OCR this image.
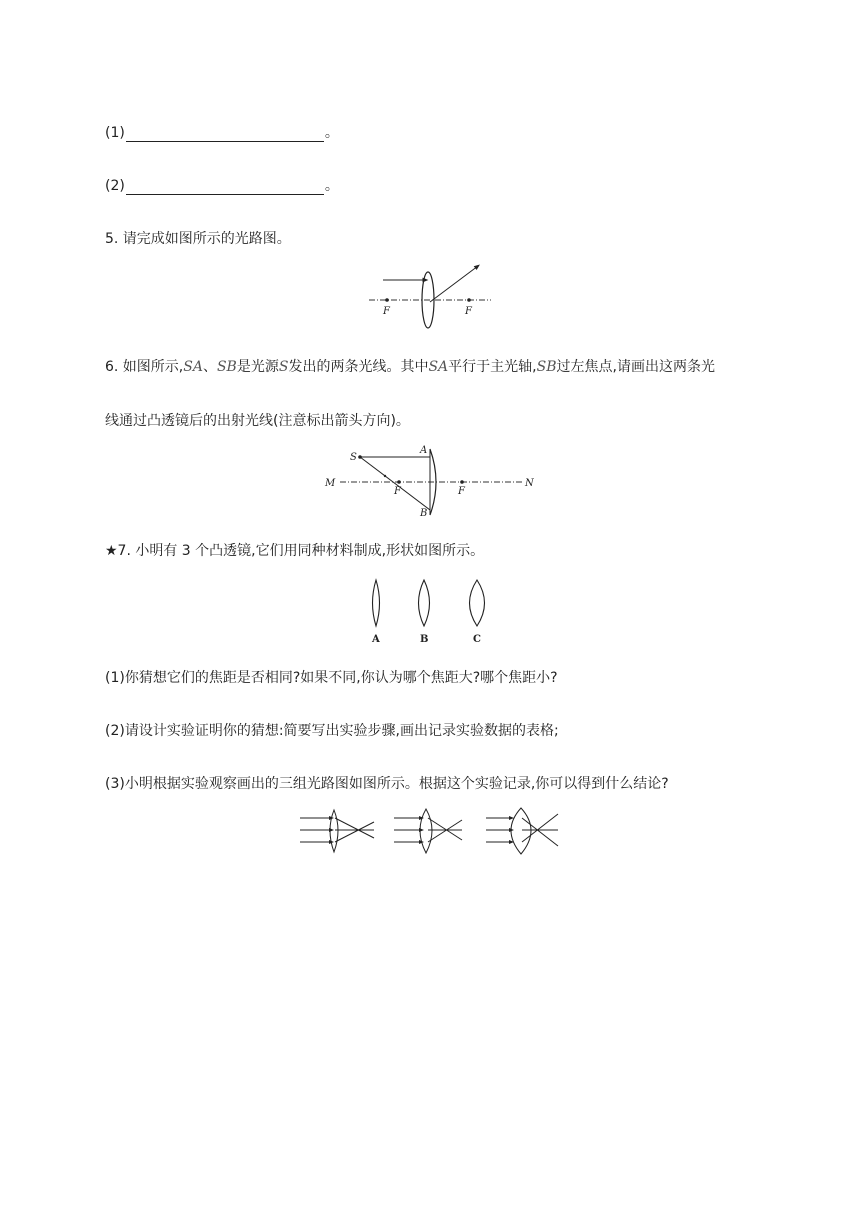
(1)	。
(2)	。
5. 请完成如图所示的光路图。
F	F
6. 如图所示,SA、SB是光源S发出的两条光线。其中SA平行于主光轴,SB过左焦点,请画出这两条光
线通过凸透镜后的出射光线(注意标出箭头方向)。
S
A
B
M	N
F	F
★7. 小明有 3 个凸透镜,它们用同种材料制成,形状如图所示。
A	B	C
(1)你猜想它们的焦距是否相同?如果不同,你认为哪个焦距大?哪个焦距小?
(2)请设计实验证明你的猜想:简要写出实验步骤,画出记录实验数据的表格;
(3)小明根据实验观察画出的三组光路图如图所示。根据这个实验记录,你可以得到什么结论?
